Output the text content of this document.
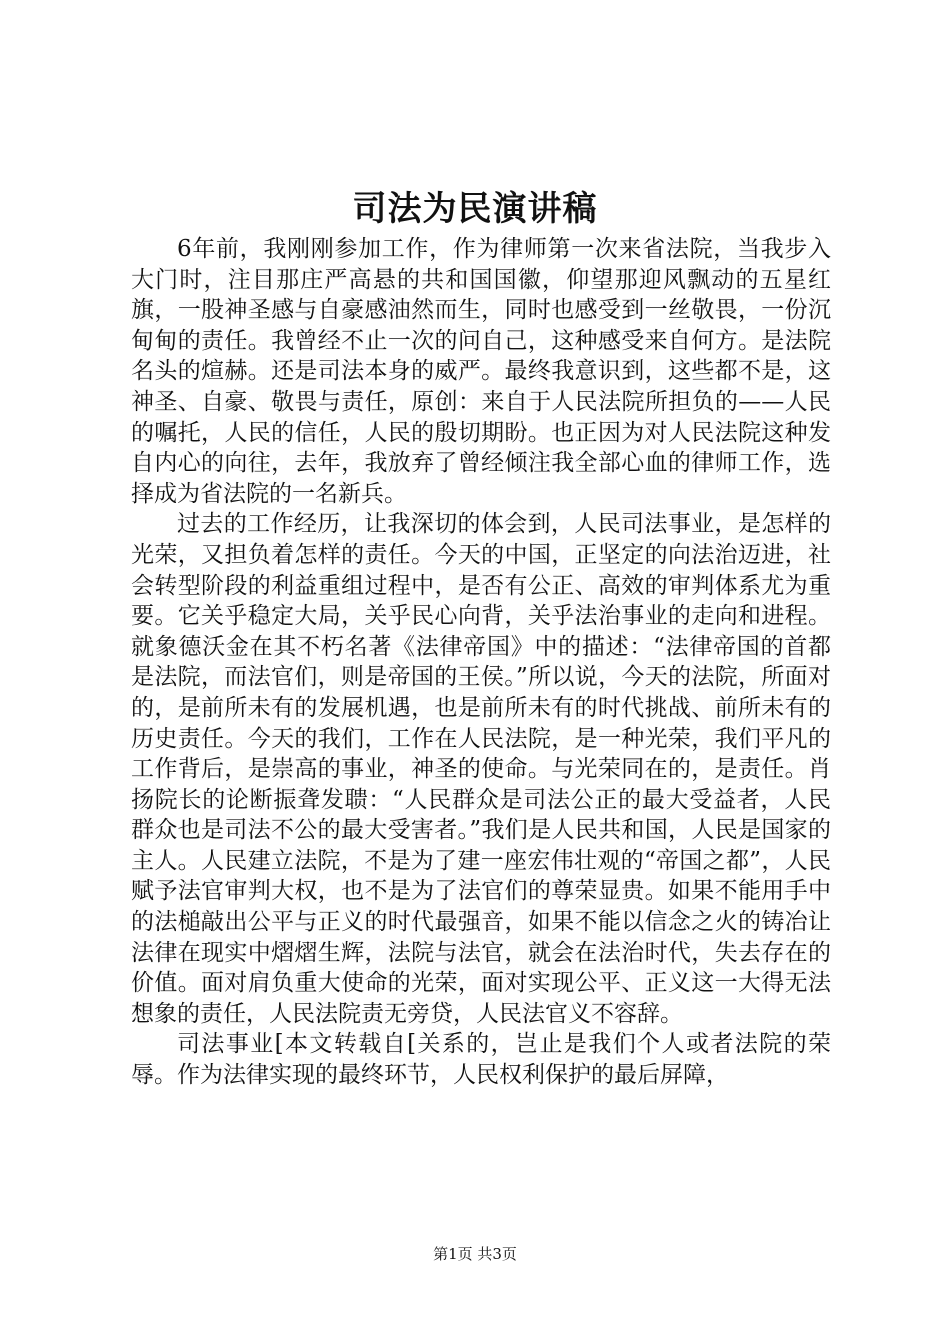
司法为民演讲稿

6年前，我刚刚参加工作，作为律师第一次来省法院，当我步入大门时，注目那庄严高悬的共和国国徽，仰望那迎风飘动的五星红旗，一股神圣感与自豪感油然而生，同时也感受到一丝敬畏，一份沉甸甸的责任。我曾经不止一次的问自己，这种感受来自何方。是法院名头的煊赫。还是司法本身的威严。最终我意识到，这些都不是，这神圣、自豪、敬畏与责任，原创：来自于人民法院所担负的——人民的嘱托，人民的信任，人民的殷切期盼。也正因为对人民法院这种发自内心的向往，去年，我放弃了曾经倾注我全部心血的律师工作，选择成为省法院的一名新兵。

过去的工作经历，让我深切的体会到，人民司法事业，是怎样的光荣，又担负着怎样的责任。今天的中国，正坚定的向法治迈进，社会转型阶段的利益重组过程中，是否有公正、高效的审判体系尤为重要。它关乎稳定大局，关乎民心向背，关乎法治事业的走向和进程。就象德沃金在其不朽名著《法律帝国》中的描述：“法律帝国的首都是法院，而法官们，则是帝国的王侯。”所以说，今天的法院，所面对的，是前所未有的发展机遇，也是前所未有的时代挑战、前所未有的历史责任。今天的我们，工作在人民法院，是一种光荣，我们平凡的工作背后，是崇高的事业，神圣的使命。与光荣同在的，是责任。肖扬院长的论断振聋发聩：“人民群众是司法公正的最大受益者，人民群众也是司法不公的最大受害者。”我们是人民共和国，人民是国家的主人。人民建立法院，不是为了建一座宏伟壮观的“帝国之都”，人民赋予法官审判大权，也不是为了法官们的尊荣显贵。如果不能用手中的法槌敲出公平与正义的时代最强音，如果不能以信念之火的铸冶让法律在现实中熠熠生辉，法院与法官，就会在法治时代，失去存在的价值。面对肩负重大使命的光荣，面对实现公平、正义这一大得无法想象的责任，人民法院责无旁贷，人民法官义不容辞。

司法事业[本文转载自[关系的，岂止是我们个人或者法院的荣辱。作为法律实现的最终环节，人民权利保护的最后屏障，

第1页 共3页
